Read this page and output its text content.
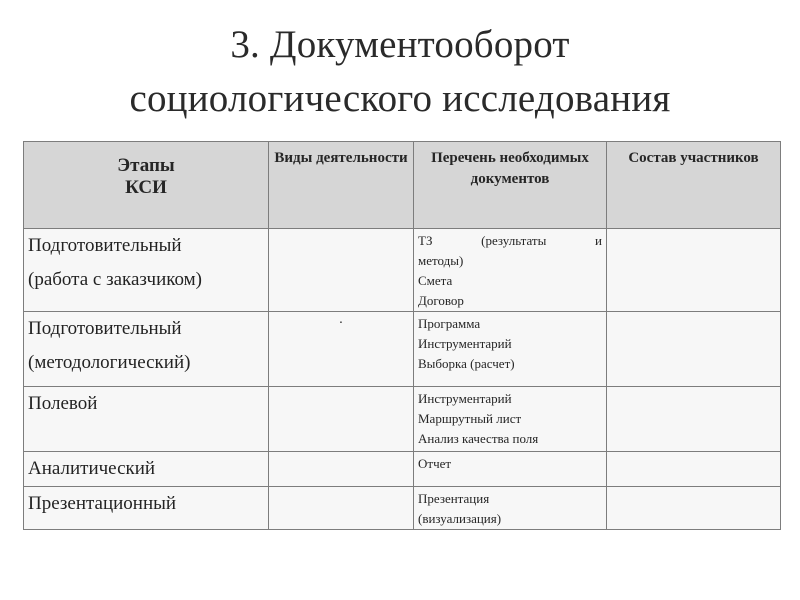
3. Документооборот
социологического исследования
Этапы
КСИ	Виды деятельности	Перечень необходимых документов	Состав участников
Подготовительный
(работа с заказчиком)		ТЗ (результаты и
методы)
Смета
Договор	

Подготовительный
(методологический)	·	Программа
Инструментарий
Выборка (расчет)	

Полевой		Инструментарий
Маршрутный лист
Анализ качества поля	

Аналитический		Отчет	

Презентационный		Презентация
(визуализация)	
